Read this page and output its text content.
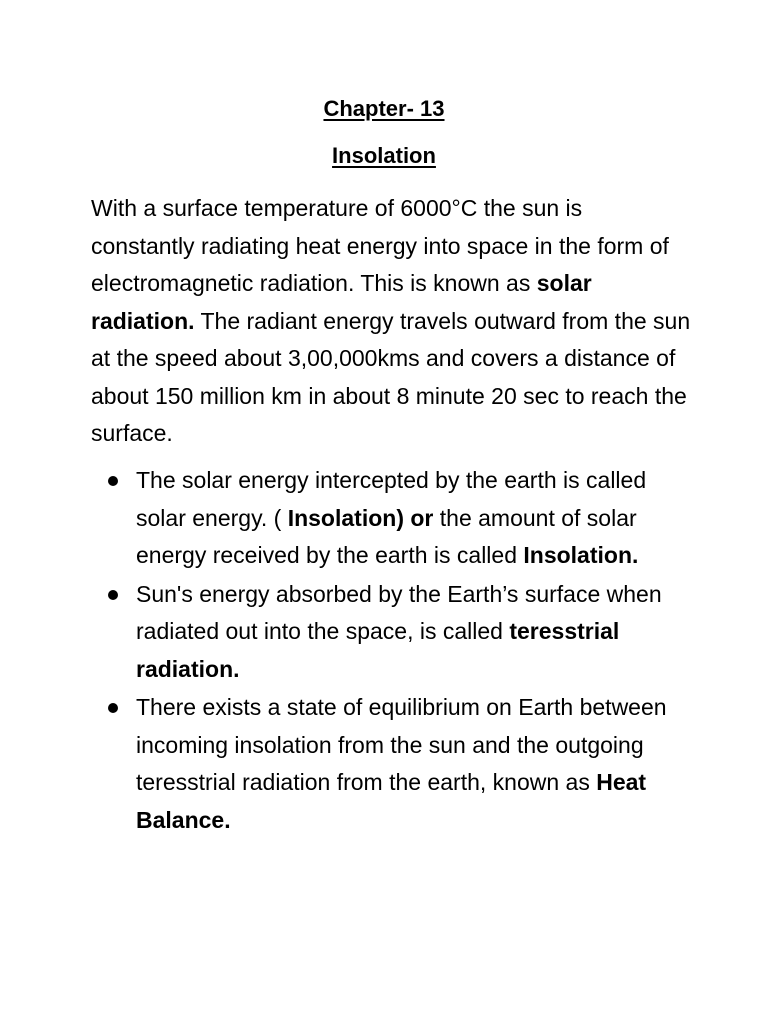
Chapter- 13
Insolation

With a surface temperature of 6000°C the sun is constantly radiating heat energy into space in the form of electromagnetic radiation. This is known as solar radiation. The radiant energy travels outward from the sun at the speed about 3,00,000kms and covers a distance of about 150 million km in about 8 minute 20 sec to reach the surface.

The solar energy intercepted by the earth is called solar energy. ( Insolation) or the amount of solar energy received by the earth is called Insolation.
Sun's energy absorbed by the Earth’s surface when radiated out into the space, is called teresstrial  radiation.
There exists a state of equilibrium on Earth between incoming insolation from the sun and the outgoing teresstrial radiation from the earth, known as Heat Balance.
